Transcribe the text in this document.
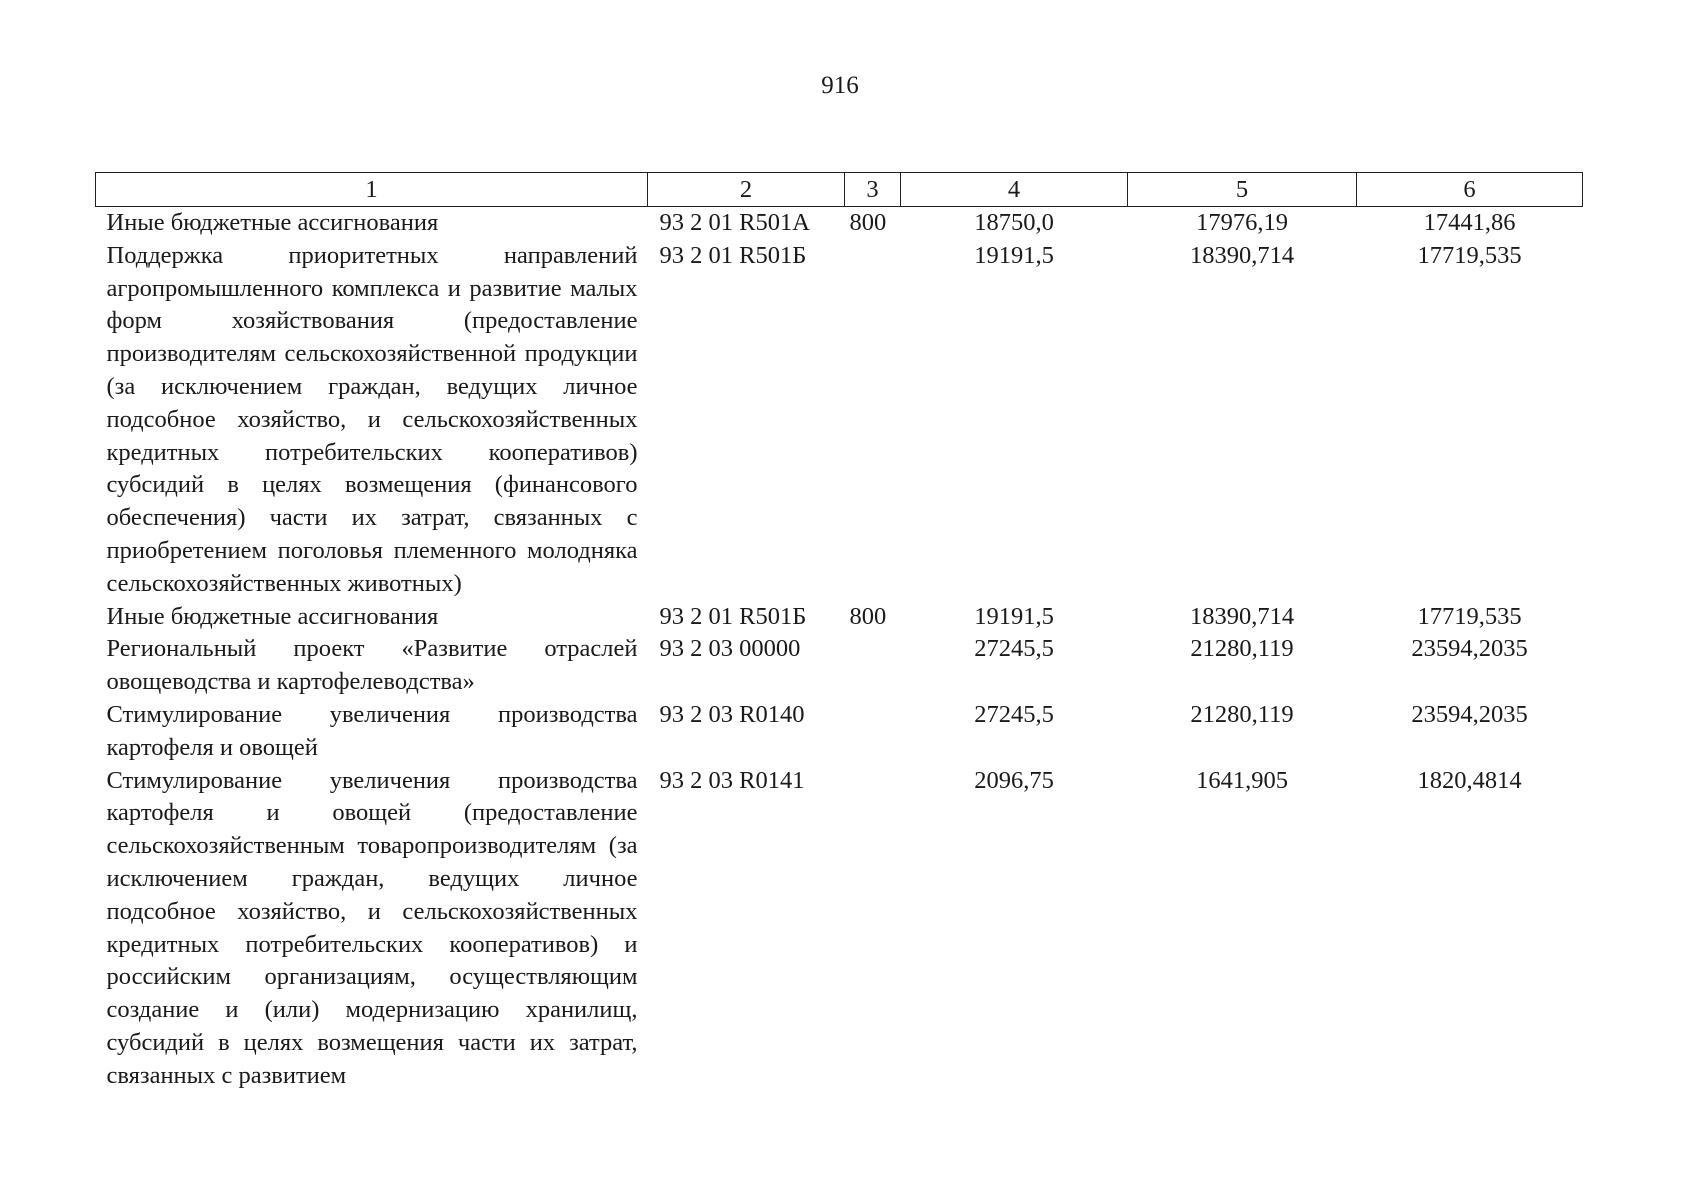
916
1	2	3	4	5	6
Иные бюджетные ассигнования	93 2 01 R501А	800	18750,0	17976,19	17441,86
Поддержка приоритетных направлений агропромышленного комплекса и развитие малых форм хозяйствования (предоставление производителям сельскохозяйственной продукции (за исключением граждан, ведущих личное подсобное хозяйство, и сельскохозяйственных кредитных потребительских кооперативов) субсидий в целях возмещения (финансового обеспечения) части их затрат, связанных с приобретением поголовья племенного молодняка сельскохозяйственных животных)	93 2 01 R501Б		19191,5	18390,714	17719,535
Иные бюджетные ассигнования	93 2 01 R501Б	800	19191,5	18390,714	17719,535
Региональный проект «Развитие отраслей овощеводства и картофелеводства»	93 2 03 00000		27245,5	21280,119	23594,2035
Стимулирование увеличения производства картофеля и овощей	93 2 03 R0140		27245,5	21280,119	23594,2035
Стимулирование увеличения производства картофеля и овощей (предоставление сельскохозяйственным товаропроизводителям (за исключением граждан, ведущих личное подсобное хозяйство, и сельскохозяйственных кредитных потребительских кооперативов) и российским организациям, осуществляющим создание и (или) модернизацию хранилищ, субсидий в целях возмещения части их затрат, связанных с развитием	93 2 03 R0141		2096,75	1641,905	1820,4814
